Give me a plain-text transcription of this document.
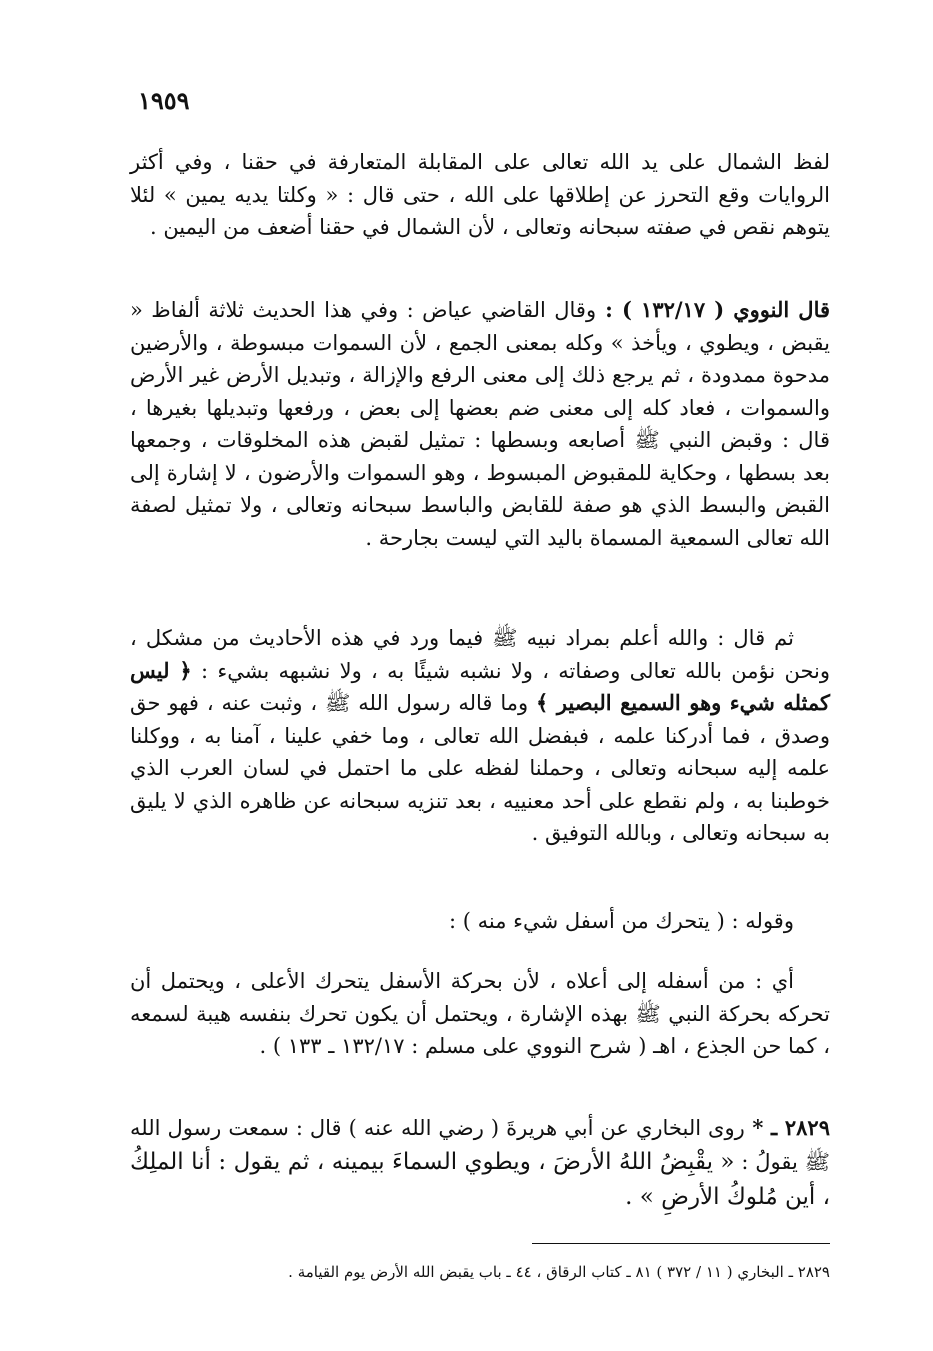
١٩٥٩

لفظ الشمال على يد الله تعالى على المقابلة المتعارفة في حقنا ، وفي أكثر الروايات وقع التحرز عن إطلاقها على الله ، حتى قال : « وكلتا يديه يمين » لئلا يتوهم نقص في صفته سبحانه وتعالى ، لأن الشمال في حقنا أضعف من اليمين .

قال النووي ( ١٣٢/١٧ ) : وقال القاضي عياض : وفي هذا الحديث ثلاثة ألفاظ « يقبض ، ويطوي ، ويأخذ » وكله بمعنى الجمع ، لأن السموات مبسوطة ، والأرضين مدحوة ممدودة ، ثم يرجع ذلك إلى معنى الرفع والإزالة ، وتبديل الأرض غير الأرض والسموات ، فعاد كله إلى معنى ضم بعضها إلى بعض ، ورفعها وتبديلها بغيرها ، قال : وقبض النبي ﷺ أصابعه وبسطها : تمثيل لقبض هذه المخلوقات ، وجمعها بعد بسطها ، وحكاية للمقبوض المبسوط ، وهو السموات والأرضون ، لا إشارة إلى القبض والبسط الذي هو صفة للقابض والباسط سبحانه وتعالى ، ولا تمثيل لصفة الله تعالى السمعية المسماة باليد التي ليست بجارحة .

ثم قال : والله أعلم بمراد نبيه ﷺ فيما ورد في هذه الأحاديث من مشكل ، ونحن نؤمن بالله تعالى وصفاته ، ولا نشبه شيئًا به ، ولا نشبهه بشيء : ﴿ ليس كمثله شيء وهو السميع البصير ﴾ وما قاله رسول الله ﷺ ، وثبت عنه ، فهو حق وصدق ، فما أدركنا علمه ، فبفضل الله تعالى ، وما خفي علينا ، آمنا به ، ووكلنا علمه إليه سبحانه وتعالى ، وحملنا لفظه على ما احتمل في لسان العرب الذي خوطبنا به ، ولم نقطع على أحد معنييه ، بعد تنزيه سبحانه عن ظاهره الذي لا يليق به سبحانه وتعالى ، وبالله التوفيق .

وقوله : ( يتحرك من أسفل شيء منه ) :

أي : من أسفله إلى أعلاه ، لأن بحركة الأسفل يتحرك الأعلى ، ويحتمل أن تحركه بحركة النبي ﷺ بهذه الإشارة ، ويحتمل أن يكون تحرك بنفسه هيبة لسمعه ، كما حن الجذع ، اهـ ( شرح النووي على مسلم : ١٣٢/١٧ ـ ١٣٣ ) .

٢٨٢٩ ـ * روى البخاري عن أبي هريرةَ ( رضي الله عنه ) قال : سمعت رسول الله ﷺ يقولُ : « يقْبِضُ اللهُ الأرضَ ، ويطوي السماءَ بيمينه ، ثم يقول : أنا الملِكُ ، أين مُلوكُ الأرضِ » .

٢٨٢٩ ـ البخاري ( ١١ / ٣٧٢ ) ٨١ ـ كتاب الرقاق ، ٤٤ ـ باب يقبض الله الأرض يوم القيامة .
